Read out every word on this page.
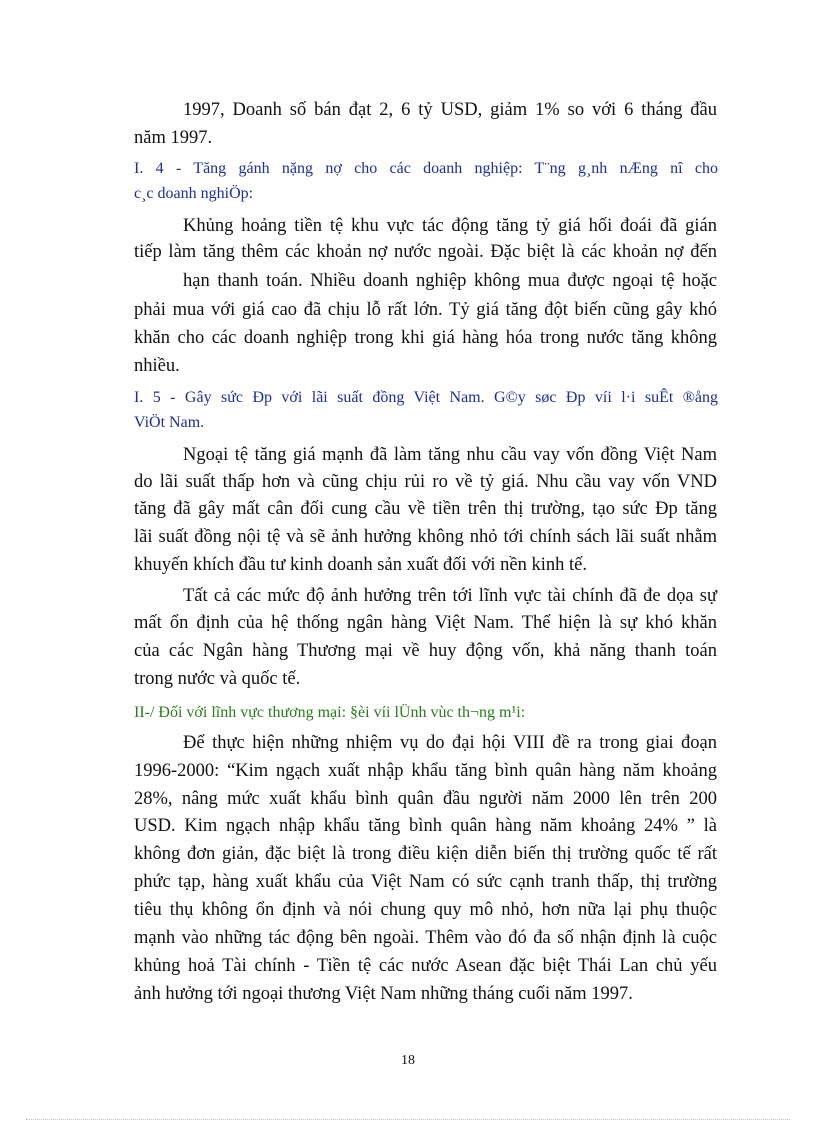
1997, Doanh số bán đạt 2, 6 tỷ USD, giảm 1% so với 6 tháng đầu

năm 1997.

I. 4 - Tăng gánh nặng nợ cho các doanh nghiệp: T¨ng g¸nh nÆng nî cho

c¸c doanh nghiÖp:

Khủng hoảng tiền tệ khu vực tác động tăng tỷ giá hối đoái đã gián

tiếp làm tăng thêm các khoản nợ nước ngoài. Đặc biệt là các khoản nợ đến

hạn thanh toán. Nhiều doanh nghiệp không mua được ngoại tệ hoặc

phải mua với giá cao đã chịu lỗ rất lớn. Tỷ giá tăng đột biến cũng gây khó

khăn cho các doanh nghiệp trong khi giá hàng hóa trong nước tăng không

nhiều.

I. 5 - Gây sức Đp với lãi suất đồng Việt Nam. G©y søc Ðp víi l·i suÊt ®ång

ViÖt Nam.

Ngoại tệ tăng giá mạnh đã làm tăng nhu cầu vay vốn đồng Việt Nam

do lãi suất thấp hơn và cũng chịu rủi ro về tỷ giá. Nhu cầu vay vốn VND

tăng đã gây mất cân đối cung cầu về tiền trên thị trường, tạo sức Đp tăng

lãi suất đồng nội tệ và sẽ ảnh hưởng không nhỏ tới chính sách lãi suất nhằm

khuyến khích đầu tư kinh doanh sản xuất đối với nền kinh tế.

Tất cả các mức độ ảnh hưởng trên tới lĩnh vực tài chính đã đe dọa sự

mất ổn định của hệ thống ngân hàng Việt Nam. Thể hiện là sự khó khăn

của các Ngân hàng Thương mại về huy động vốn, khả năng thanh toán

trong nước và quốc tế.

II-/ Đối với lĩnh vực thương mại: §èi víi lÜnh vùc th¬ng m¹i:

Để thực hiện những nhiệm vụ do đại hội VIII đề ra trong giai đoạn

1996-2000: “Kim ngạch xuất nhập khẩu tăng bình quân hàng năm khoảng

28%, nâng mức xuất khẩu bình quân đầu người năm 2000 lên trên 200

USD. Kim ngạch nhập khẩu tăng bình quân hàng năm khoảng 24% ” là

không đơn giản, đặc biệt là trong điều kiện diễn biến thị trường quốc tế rất

phức tạp, hàng xuất khẩu của Việt Nam có sức cạnh tranh thấp, thị trường

tiêu thụ không ổn định và nói chung quy mô nhỏ, hơn nữa lại phụ thuộc

mạnh vào những tác động bên ngoài. Thêm vào đó đa số nhận định là cuộc

khủng hoả Tài chính - Tiền tệ các nước Asean đặc biệt Thái Lan chủ yếu

ảnh hưởng tới ngoại thương Việt Nam những tháng cuối năm 1997.

18
